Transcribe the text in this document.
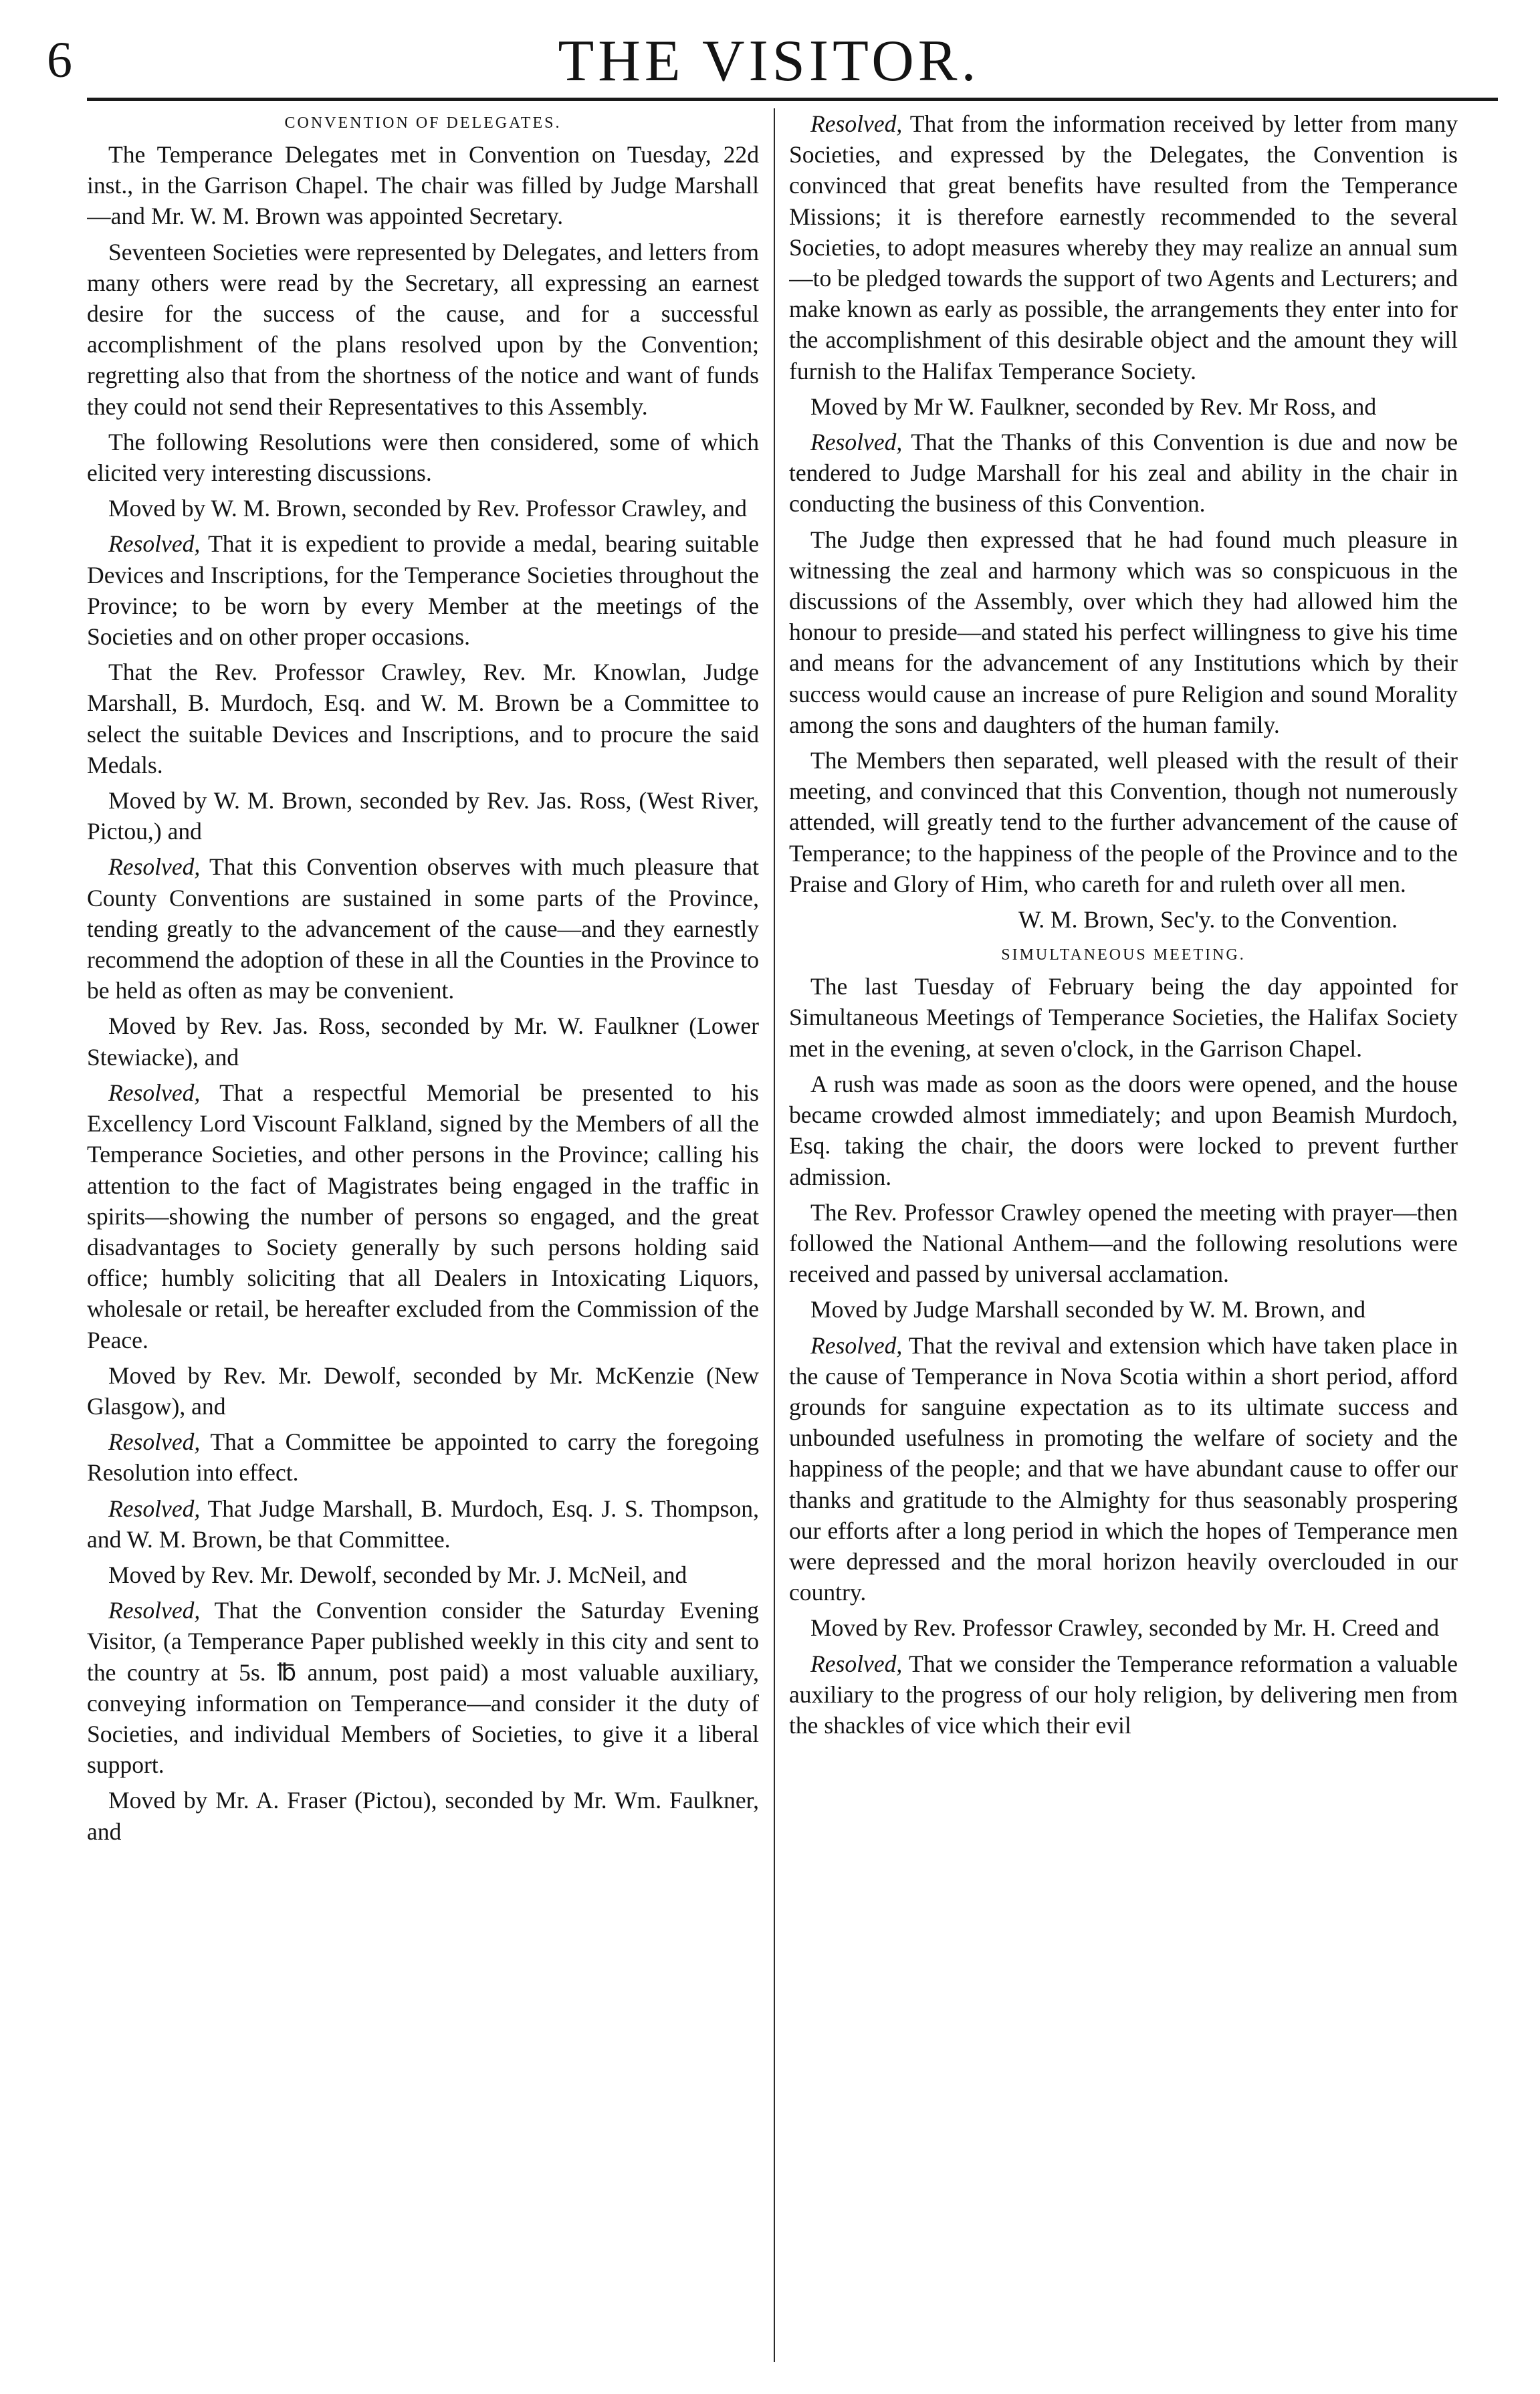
6	THE VISITOR.
CONVENTION OF DELEGATES.

The Temperance Delegates met in Convention on Tuesday, 22d inst., in the Garrison Chapel. The chair was filled by Judge Marshall—and Mr. W. M. Brown was appointed Secretary.

Seventeen Societies were represented by Delegates, and letters from many others were read by the Secretary, all expressing an earnest desire for the success of the cause, and for a successful accomplishment of the plans resolved upon by the Convention; regretting also that from the shortness of the notice and want of funds they could not send their Representatives to this Assembly.

The following Resolutions were then considered, some of which elicited very interesting discussions.

Moved by W. M. Brown, seconded by Rev. Professor Crawley, and

Resolved, That it is expedient to provide a medal, bearing suitable Devices and Inscriptions, for the Temperance Societies throughout the Province; to be worn by every Member at the meetings of the Societies and on other proper occasions.

That the Rev. Professor Crawley, Rev. Mr. Knowlan, Judge Marshall, B. Murdoch, Esq. and W. M. Brown be a Committee to select the suitable Devices and Inscriptions, and to procure the said Medals.

Moved by W. M. Brown, seconded by Rev. Jas. Ross, (West River, Pictou,) and

Resolved, That this Convention observes with much pleasure that County Conventions are sustained in some parts of the Province, tending greatly to the advancement of the cause—and they earnestly recommend the adoption of these in all the Counties in the Province to be held as often as may be convenient.

Moved by Rev. Jas. Ross, seconded by Mr. W. Faulkner (Lower Stewiacke), and

Resolved, That a respectful Memorial be presented to his Excellency Lord Viscount Falkland, signed by the Members of all the Temperance Societies, and other persons in the Province; calling his attention to the fact of Magistrates being engaged in the traffic in spirits—showing the number of persons so engaged, and the great disadvantages to Society generally by such persons holding said office; humbly soliciting that all Dealers in Intoxicating Liquors, wholesale or retail, be hereafter excluded from the Commission of the Peace.

Moved by Rev. Mr. Dewolf, seconded by Mr. McKenzie (New Glasgow), and

Resolved, That a Committee be appointed to carry the foregoing Resolution into effect.

Resolved, That Judge Marshall, B. Murdoch, Esq. J. S. Thompson, and W. M. Brown, be that Committee.

Moved by Rev. Mr. Dewolf, seconded by Mr. J. McNeil, and

Resolved, That the Convention consider the Saturday Evening Visitor, (a Temperance Paper published weekly in this city and sent to the country at 5s. ℔ annum, post paid) a most valuable auxiliary, conveying information on Temperance—and consider it the duty of Societies, and individual Members of Societies, to give it a liberal support.

Moved by Mr. A. Fraser (Pictou), seconded by Mr. Wm. Faulkner, and

Resolved, That from the information received by letter from many Societies, and expressed by the Delegates, the Convention is convinced that great benefits have resulted from the Temperance Missions; it is therefore earnestly recommended to the several Societies, to adopt measures whereby they may realize an annual sum—to be pledged towards the support of two Agents and Lecturers; and make known as early as possible, the arrangements they enter into for the accomplishment of this desirable object and the amount they will furnish to the Halifax Temperance Society.

Moved by Mr W. Faulkner, seconded by Rev. Mr Ross, and

Resolved, That the Thanks of this Convention is due and now be tendered to Judge Marshall for his zeal and ability in the chair in conducting the business of this Convention.

The Judge then expressed that he had found much pleasure in witnessing the zeal and harmony which was so conspicuous in the discussions of the Assembly, over which they had allowed him the honour to preside—and stated his perfect willingness to give his time and means for the advancement of any Institutions which by their success would cause an increase of pure Religion and sound Morality among the sons and daughters of the human family.

The Members then separated, well pleased with the result of their meeting, and convinced that this Convention, though not numerously attended, will greatly tend to the further advancement of the cause of Temperance; to the happiness of the people of the Province and to the Praise and Glory of Him, who careth for and ruleth over all men.

W. M. Brown, Sec'y. to the Convention.

SIMULTANEOUS MEETING.

The last Tuesday of February being the day appointed for Simultaneous Meetings of Temperance Societies, the Halifax Society met in the evening, at seven o'clock, in the Garrison Chapel.

A rush was made as soon as the doors were opened, and the house became crowded almost immediately; and upon Beamish Murdoch, Esq. taking the chair, the doors were locked to prevent further admission.

The Rev. Professor Crawley opened the meeting with prayer—then followed the National Anthem—and the following resolutions were received and passed by universal acclamation.

Moved by Judge Marshall seconded by W. M. Brown, and

Resolved, That the revival and extension which have taken place in the cause of Temperance in Nova Scotia within a short period, afford grounds for sanguine expectation as to its ultimate success and unbounded usefulness in promoting the welfare of society and the happiness of the people; and that we have abundant cause to offer our thanks and gratitude to the Almighty for thus seasonably prospering our efforts after a long period in which the hopes of Temperance men were depressed and the moral horizon heavily overclouded in our country.

Moved by Rev. Professor Crawley, seconded by Mr. H. Creed and

Resolved, That we consider the Temperance reformation a valuable auxiliary to the progress of our holy religion, by delivering men from the shackles of vice which their evil
